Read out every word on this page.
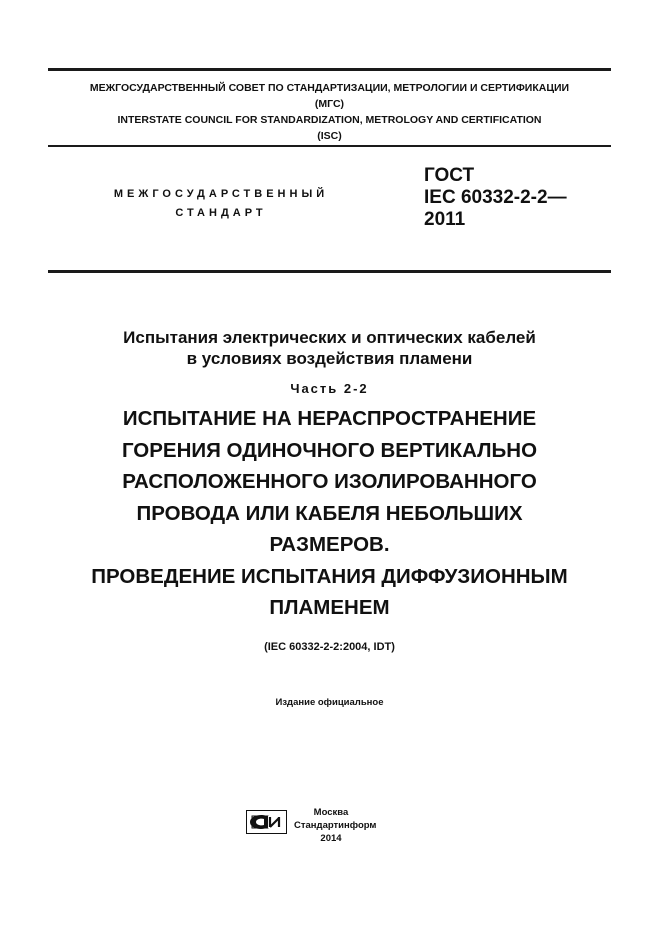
МЕЖГОСУДАРСТВЕННЫЙ СОВЕТ ПО СТАНДАРТИЗАЦИИ, МЕТРОЛОГИИ И СЕРТИФИКАЦИИ
(МГС)
INTERSTATE COUNCIL FOR STANDARDIZATION, METROLOGY AND CERTIFICATION
(ISC)
МЕЖГОСУДАРСТВЕННЫЙ
СТАНДАРТ
ГОСТ
IEC 60332-2-2—
2011
Испытания электрических и оптических кабелей
в условиях воздействия пламени
Часть 2-2
ИСПЫТАНИЕ НА НЕРАСПРОСТРАНЕНИЕ
ГОРЕНИЯ ОДИНОЧНОГО ВЕРТИКАЛЬНО
РАСПОЛОЖЕННОГО ИЗОЛИРОВАННОГО
ПРОВОДА ИЛИ КАБЕЛЯ НЕБОЛЬШИХ
РАЗМЕРОВ.
ПРОВЕДЕНИЕ ИСПЫТАНИЯ ДИФФУЗИОННЫМ
ПЛАМЕНЕМ
(IEC 60332-2-2:2004, IDT)
Издание официальное
Москва
Стандартинформ
2014
